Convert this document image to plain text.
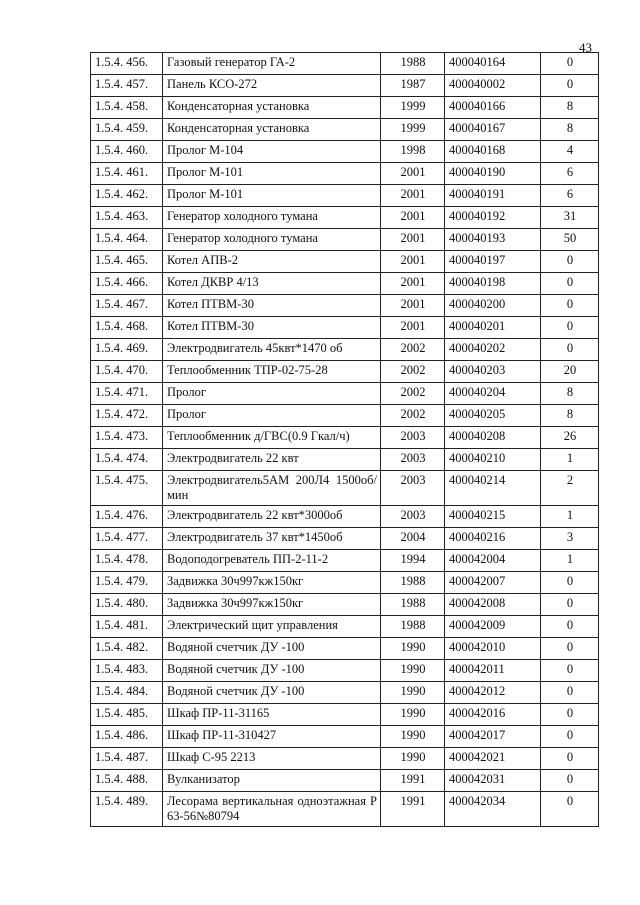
43
1.5.4. 456.	Газовый генератор ГА-2	1988	400040164	0
1.5.4. 457.	Панель КСО-272	1987	400040002	0
1.5.4. 458.	Конденсаторная установка	1999	400040166	8
1.5.4. 459.	Конденсаторная установка	1999	400040167	8
1.5.4. 460.	Пролог М-104	1998	400040168	4
1.5.4. 461.	Пролог М-101	2001	400040190	6
1.5.4. 462.	Пролог М-101	2001	400040191	6
1.5.4. 463.	Генератор холодного тумана	2001	400040192	31
1.5.4. 464.	Генератор холодного тумана	2001	400040193	50
1.5.4. 465.	Котел АПВ-2	2001	400040197	0
1.5.4. 466.	Котел ДКВР 4/13	2001	400040198	0
1.5.4. 467.	Котел ПТВМ-30	2001	400040200	0
1.5.4. 468.	Котел ПТВМ-30	2001	400040201	0
1.5.4. 469.	Электродвигатель 45квт*1470 об	2002	400040202	0
1.5.4. 470.	Теплообменник ТПР-02-75-28	2002	400040203	20
1.5.4. 471.	Пролог	2002	400040204	8
1.5.4. 472.	Пролог	2002	400040205	8
1.5.4. 473.	Теплообменник д/ГВС(0.9 Гкал/ч)	2003	400040208	26
1.5.4. 474.	Электродвигатель 22 квт	2003	400040210	1
1.5.4. 475.	Электродвигатель5АМ 200Л4 1500об/мин	2003	400040214	2
1.5.4. 476.	Электродвигатель 22 квт*3000об	2003	400040215	1
1.5.4. 477.	Электродвигатель 37 квт*1450об	2004	400040216	3
1.5.4. 478.	Водоподогреватель ПП-2-11-2	1994	400042004	1
1.5.4. 479.	Задвижка 30ч997кж150кг	1988	400042007	0
1.5.4. 480.	Задвижка 30ч997кж150кг	1988	400042008	0
1.5.4. 481.	Электрический щит управления	1988	400042009	0
1.5.4. 482.	Водяной счетчик ДУ -100	1990	400042010	0
1.5.4. 483.	Водяной счетчик ДУ -100	1990	400042011	0
1.5.4. 484.	Водяной счетчик ДУ -100	1990	400042012	0
1.5.4. 485.	Шкаф ПР-11-31165	1990	400042016	0
1.5.4. 486.	Шкаф ПР-11-310427	1990	400042017	0
1.5.4. 487.	Шкаф С-95 2213	1990	400042021	0
1.5.4. 488.	Вулканизатор	1991	400042031	0
1.5.4. 489.	Лесорама вертикальная одноэтажная Р 63-56№80794	1991	400042034	0
